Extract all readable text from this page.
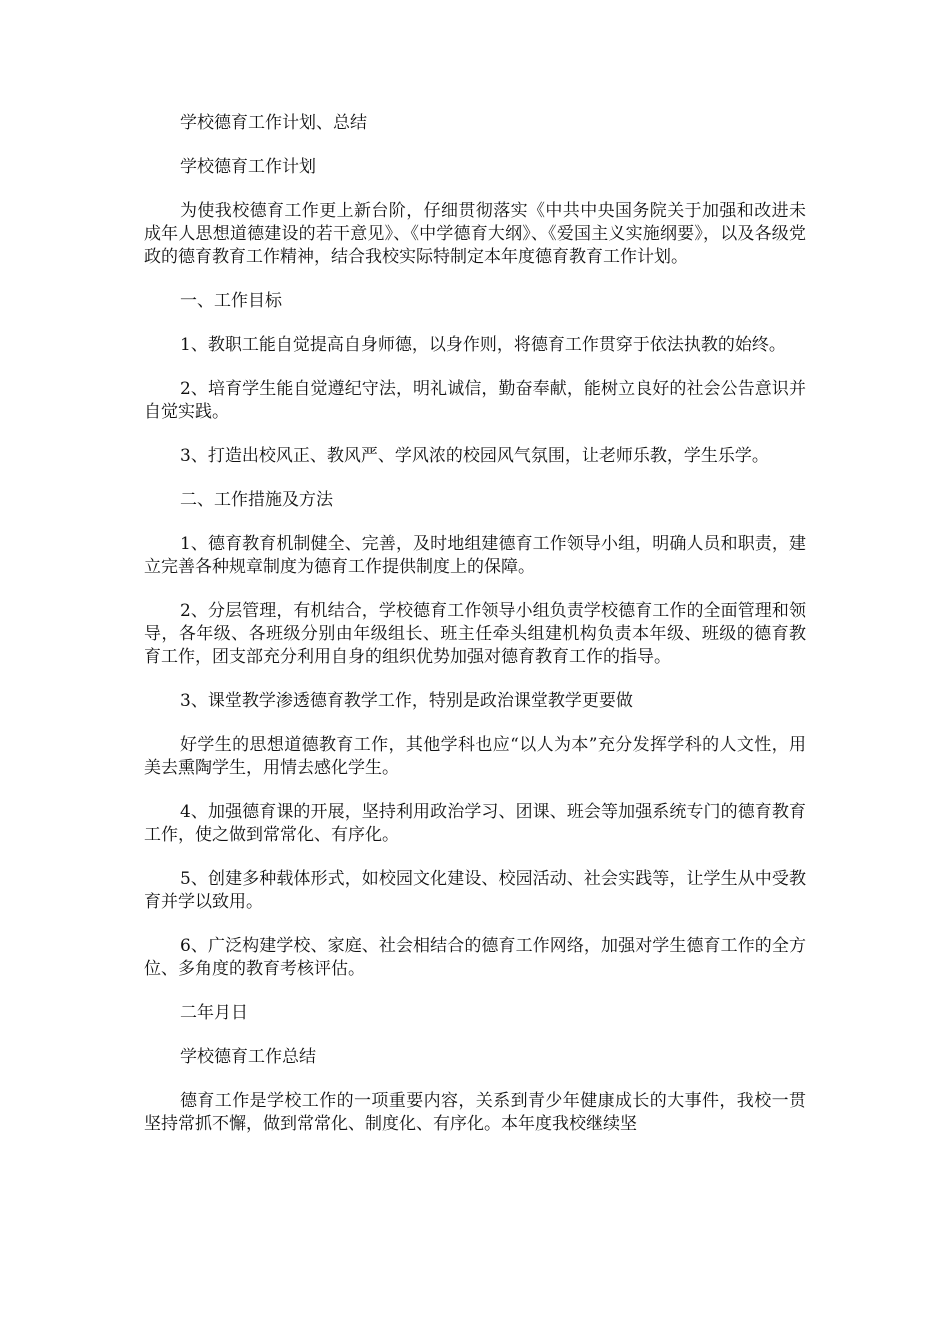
学校德育工作计划、总结

学校德育工作计划

为使我校德育工作更上新台阶，仔细贯彻落实《中共中央国务院关于加强和改进未成年人思想道德建设的若干意见》、《中学德育大纲》、《爱国主义实施纲要》，以及各级党政的德育教育工作精神，结合我校实际特制定本年度德育教育工作计划。

一、工作目标

1、教职工能自觉提高自身师德，以身作则，将德育工作贯穿于依法执教的始终。

2、培育学生能自觉遵纪守法，明礼诚信，勤奋奉献，能树立良好的社会公告意识并自觉实践。

3、打造出校风正、教风严、学风浓的校园风气氛围，让老师乐教，学生乐学。

二、工作措施及方法

1、德育教育机制健全、完善，及时地组建德育工作领导小组，明确人员和职责，建立完善各种规章制度为德育工作提供制度上的保障。

2、分层管理，有机结合，学校德育工作领导小组负责学校德育工作的全面管理和领导，各年级、各班级分别由年级组长、班主任牵头组建机构负责本年级、班级的德育教育工作，团支部充分利用自身的组织优势加强对德育教育工作的指导。

3、课堂教学渗透德育教学工作，特别是政治课堂教学更要做

好学生的思想道德教育工作，其他学科也应“以人为本”充分发挥学科的人文性，用美去熏陶学生，用情去感化学生。

4、加强德育课的开展，坚持利用政治学习、团课、班会等加强系统专门的德育教育工作，使之做到常常化、有序化。

5、创建多种载体形式，如校园文化建设、校园活动、社会实践等，让学生从中受教育并学以致用。

6、广泛构建学校、家庭、社会相结合的德育工作网络，加强对学生德育工作的全方位、多角度的教育考核评估。

二年月日

学校德育工作总结

德育工作是学校工作的一项重要内容，关系到青少年健康成长的大事件，我校一贯坚持常抓不懈，做到常常化、制度化、有序化。本年度我校继续坚
